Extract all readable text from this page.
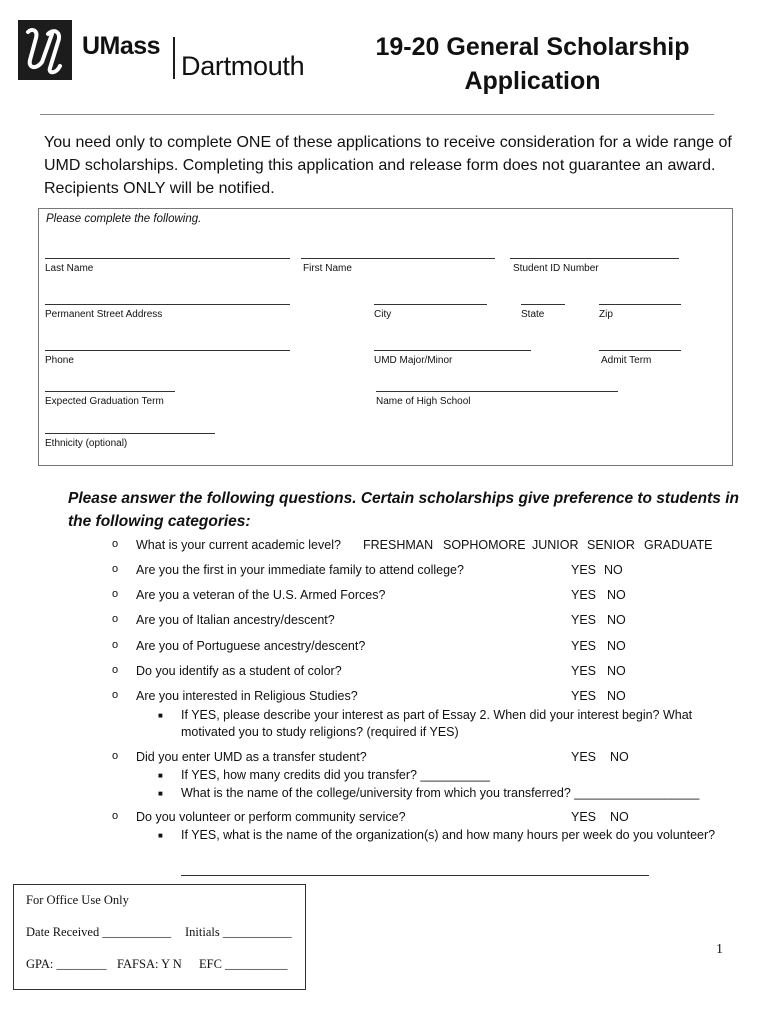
UMass
Dartmouth
19-20 General Scholarship
Application
You need only to complete ONE of these applications to receive consideration for a wide range of UMD scholarships. Completing this application and release form does not guarantee an award. Recipients ONLY will be notified.
Please complete the following.
Last Name	First Name	Student ID Number
Permanent Street Address	City	State	Zip
Phone	UMD Major/Minor	Admit Term
Expected Graduation Term	Name of High School
Ethnicity (optional)
Please answer the following questions. Certain scholarships give preference to students in the following categories:
o What is your current academic level? FRESHMAN SOPHOMORE JUNIOR SENIOR GRADUATE
o Are you the first in your immediate family to attend college?	YES NO
o Are you a veteran of the U.S. Armed Forces?	YES NO
o Are you of Italian ancestry/descent?	YES NO
o Are you of Portuguese ancestry/descent?	YES NO
o Do you identify as a student of color?	YES NO
o Are you interested in Religious Studies?	YES NO
■ If YES, please describe your interest as part of Essay 2. When did your interest begin? What
motivated you to study religions? (required if YES)
o Did you enter UMD as a transfer student?	YES NO
■ If YES, how many credits did you transfer? __________
■ What is the name of the college/university from which you transferred? __________________
o Do you volunteer or perform community service?	YES NO
■ If YES, what is the name of the organization(s) and how many hours per week do you volunteer?
For Office Use Only
Date Received ___________ Initials ___________
GPA: ________ FAFSA: Y N EFC __________
1
